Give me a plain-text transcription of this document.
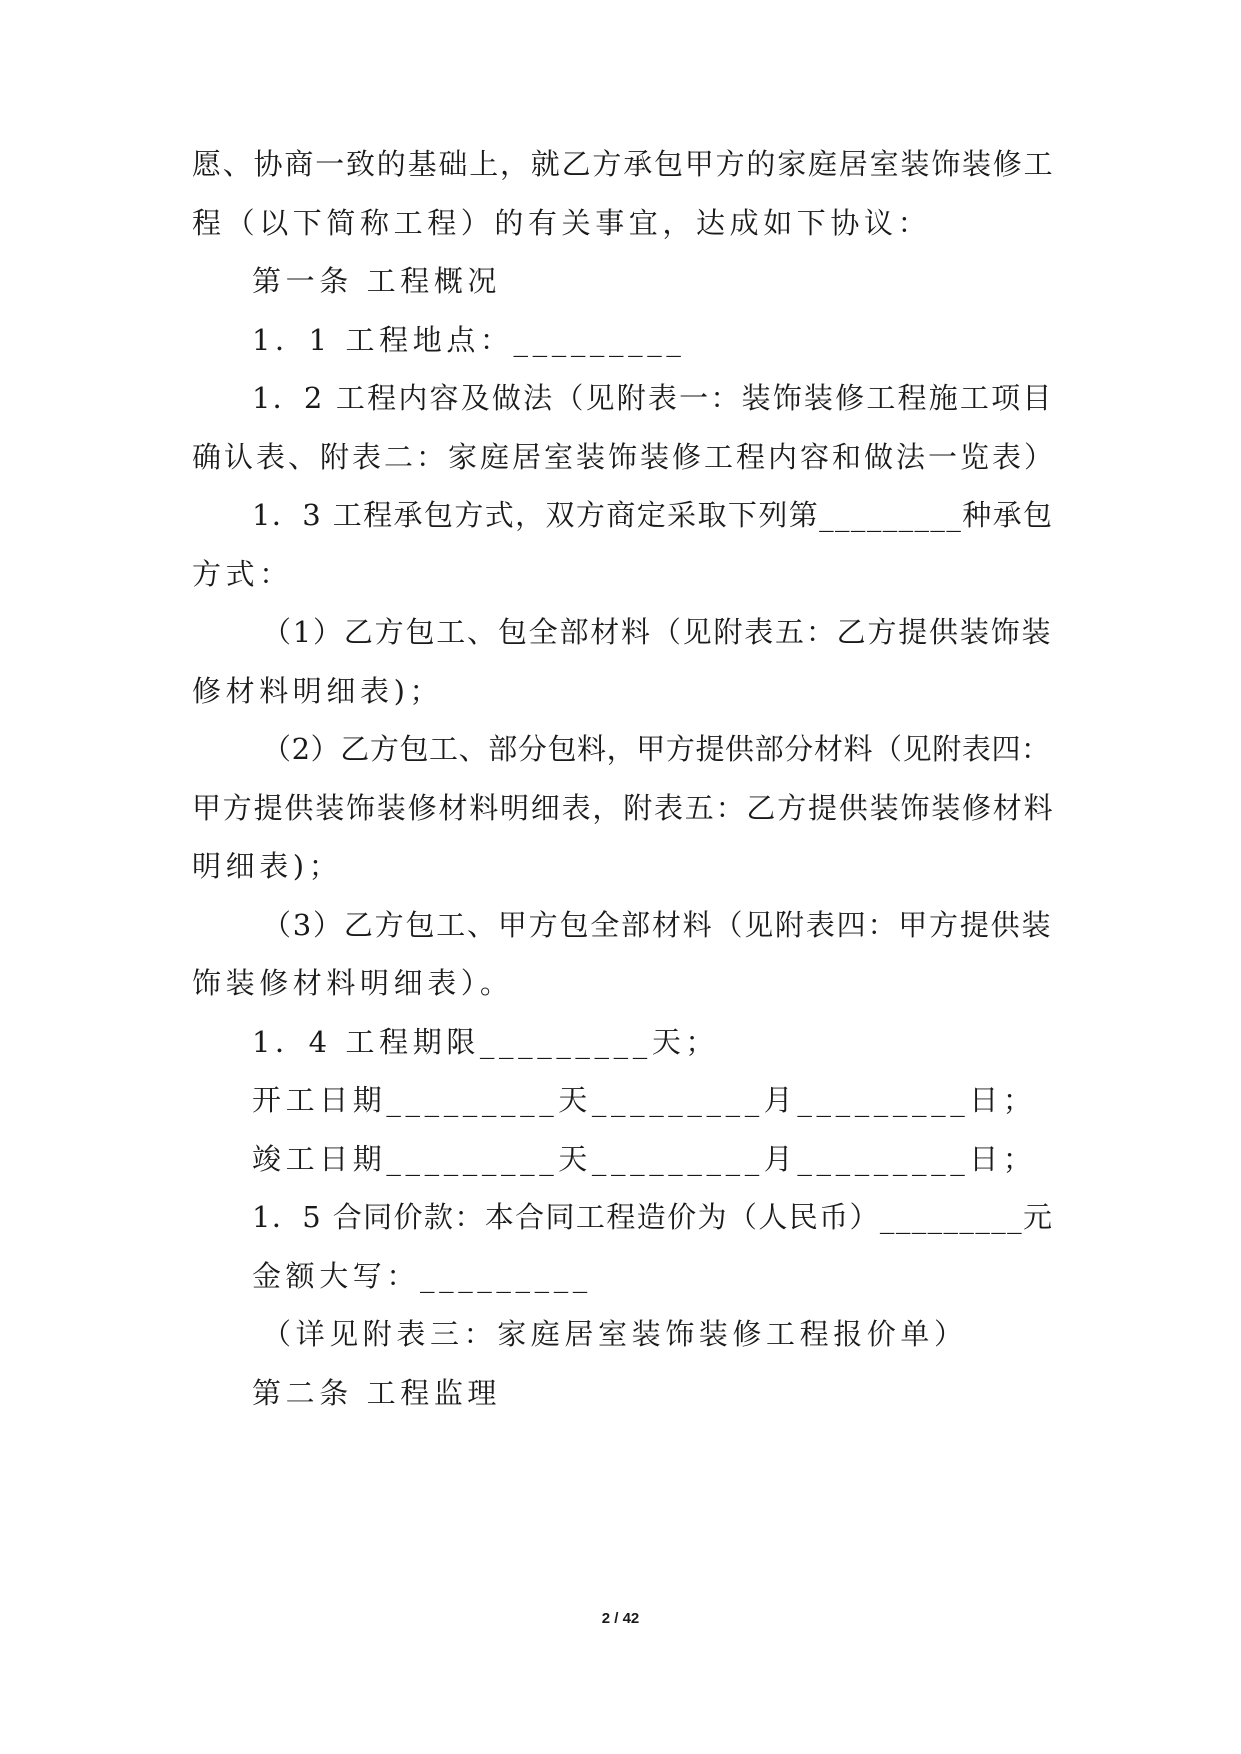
愿、协商一致的基础上，就乙方承包甲方的家庭居室装饰装修工
程（以下简称工程）的有关事宜，达成如下协议：
第一条 工程概况
1．1 工程地点：_________
1．2 工程内容及做法（见附表一：装饰装修工程施工项目
确认表、附表二：家庭居室装饰装修工程内容和做法一览表）
1．3 工程承包方式，双方商定采取下列第_________种承包
方式：
（1）乙方包工、包全部材料（见附表五：乙方提供装饰装
修材料明细表)；
（2）乙方包工、部分包料，甲方提供部分材料（见附表四：
甲方提供装饰装修材料明细表，附表五：乙方提供装饰装修材料
明细表)；
（3）乙方包工、甲方包全部材料（见附表四：甲方提供装
饰装修材料明细表）。
1．4 工程期限_________天；
开工日期_________天_________月_________日；
竣工日期_________天_________月_________日；
1．5 合同价款：本合同工程造价为（人民币）_________元
金额大写：_________
（详见附表三：家庭居室装饰装修工程报价单）
第二条 工程监理
2 / 42
